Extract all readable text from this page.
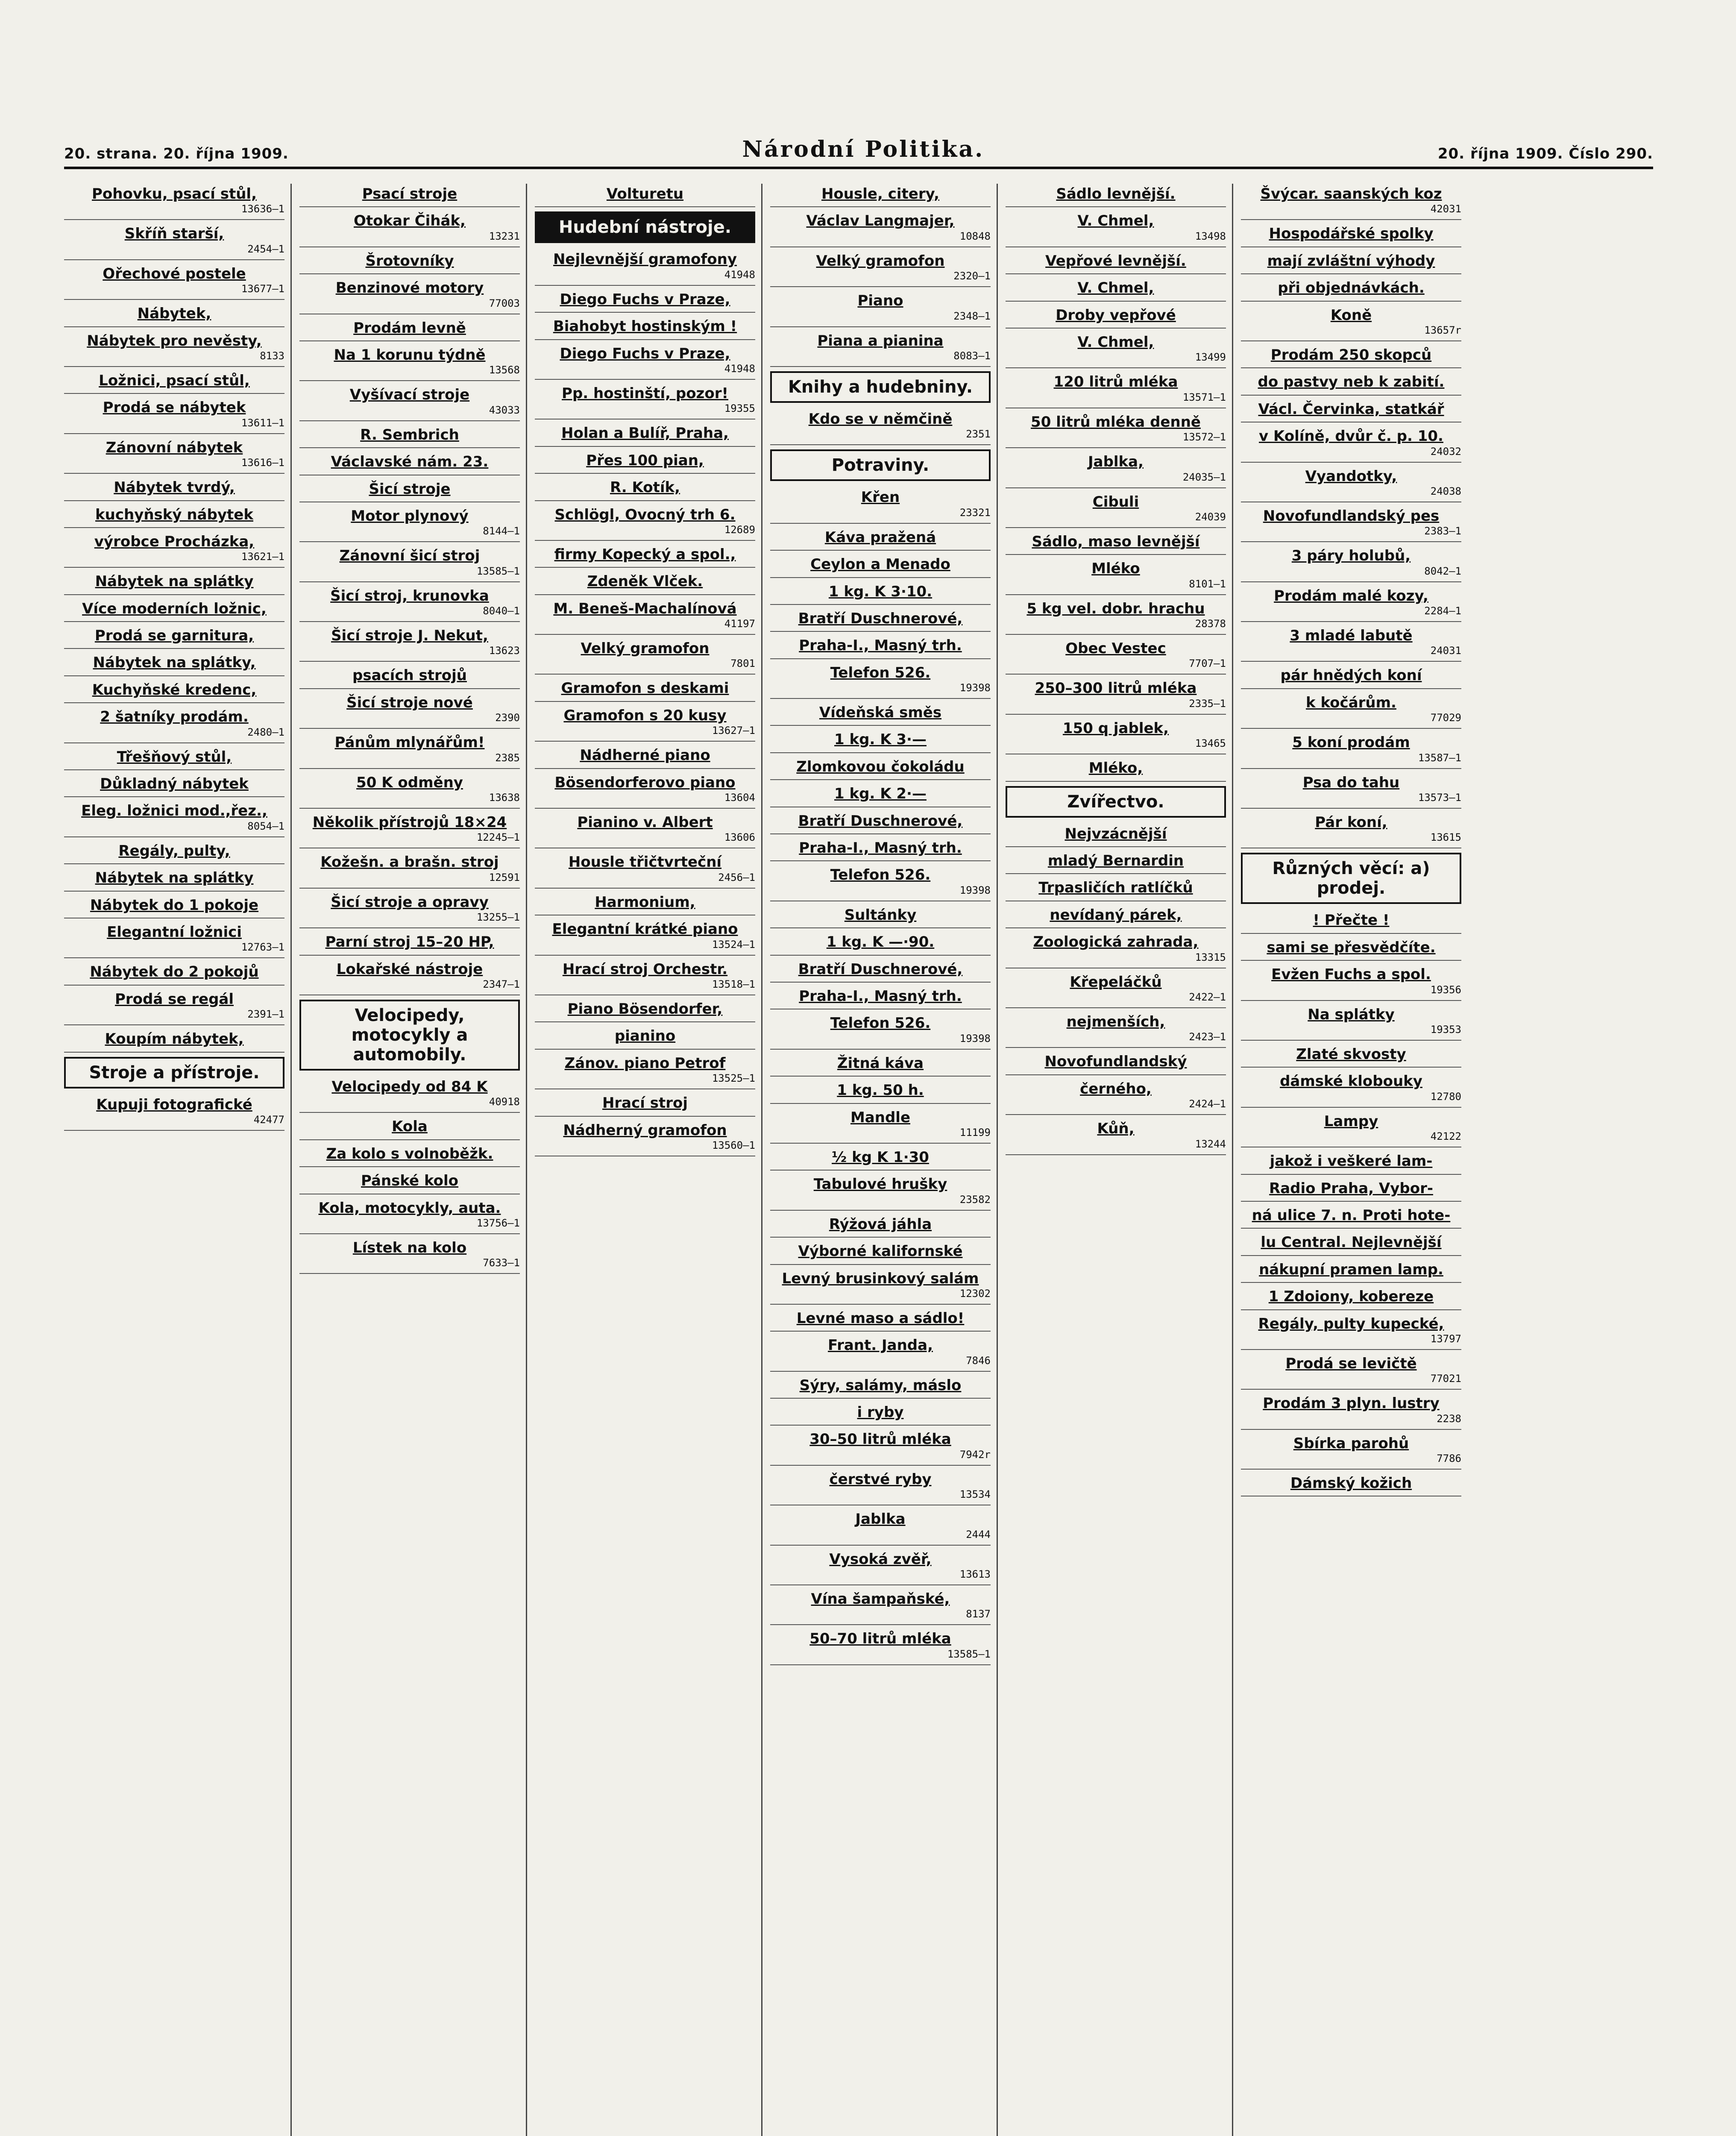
20. strana. 20. října 1909.	Národní Politika.	20. října 1909. Číslo 290.
Pohovku, psací stůl,
13636—1
Skříň starší,
2454—1
Ořechové postele
13677—1
Nábytek,
Nábytek pro nevěsty,
8133
Ložnici, psací stůl,
Prodá se nábytek
13611—1
Zánovní nábytek
13616—1
Nábytek tvrdý,
kuchyňský nábytek
výrobce Procházka,
13621—1
Nábytek na splátky
Více moderních ložnic,
Prodá se garnitura,
Nábytek na splátky,
Kuchyňské kredenc,
2 šatníky prodám.
2480—1
Třešňový stůl,
Důkladný nábytek
Eleg. ložnici mod.,řez.,
8054—1
Regály, pulty,
Nábytek na splátky
Nábytek do 1 pokoje
Elegantní ložnici
12763—1
Nábytek do 2 pokojů
Prodá se regál
2391—1
Koupím nábytek,
Stroje a přístroje.
Kupuji fotografické
42477
Psací stroje
Otokar Čihák,
13231
Šrotovníky
Benzinové motory
77003
Prodám levně
Na 1 korunu týdně
13568
Vyšívací stroje
43033
R. Sembrich
Václavské nám. 23.
Šicí stroje
Motor plynový
8144—1
Zánovní šicí stroj
13585—1
Šicí stroj, krunovka
8040—1
Šicí stroje J. Nekut,
13623
psacích strojů
Šicí stroje nové
2390
Pánům mlynářům!
2385
50 K odměny
13638
Několik přístrojů 18×24
12245—1
Kožešn. a brašn. stroj
12591
Šicí stroje a opravy
13255—1
Parní stroj 15–20 HP,
Lokařské nástroje
2347—1
Velocipedy, motocykly a automobily.
Velocipedy od 84 K
40918
Kola
Za kolo s volnoběžk.
Pánské kolo
Kola, motocykly, auta.
13756—1
Lístek na kolo
7633—1
Volturetu
Hudební nástroje.
Nejlevnější gramofony
41948
Diego Fuchs v Praze,
Biahobyt hostinským !
Diego Fuchs v Praze,
41948
Pp. hostinští, pozor!
19355
Holan a Bulíř, Praha,
Přes 100 pian,
R. Kotík,
Schlögl, Ovocný trh 6.
12689
firmy Kopecký a spol.,
Zdeněk Vlček.
M. Beneš-Machalínová
41197
Velký gramofon
7801
Gramofon s deskami
Gramofon s 20 kusy
13627—1
Nádherné piano
Bösendorferovo piano
13604
Pianino v. Albert
13606
Housle třičtvrteční
2456—1
Harmonium,
Elegantní krátké piano
13524—1
Hrací stroj Orchestr.
13518—1
Piano Bösendorfer,
pianino
Zánov. piano Petrof
13525—1
Hrací stroj
Nádherný gramofon
13560—1
Housle, citery,
Václav Langmajer,
10848
Velký gramofon
2320—1
Piano
2348—1
Piana a pianina
8083—1
Knihy a hudebniny.
Kdo se v němčině
2351
Potraviny.
Křen
23321
Káva pražená
Ceylon a Menado
1 kg. K 3·10.
Bratří Duschnerové,
Praha-I., Masný trh.
Telefon 526.
19398
Vídeňská směs
1 kg. K 3·—
Zlomkovou čokoládu
1 kg. K 2·—
Bratří Duschnerové,
Praha-I., Masný trh.
Telefon 526.
19398
Sultánky
1 kg. K —·90.
Bratří Duschnerové,
Praha-I., Masný trh.
Telefon 526.
19398
Žitná káva
1 kg. 50 h.
Mandle
11199
½ kg K 1·30
Tabulové hrušky
23582
Rýžová jáhla
Výborné kalifornské
Levný brusinkový salám
12302
Levné maso a sádlo!
Frant. Janda,
7846
Sýry, salámy, máslo
i ryby
30–50 litrů mléka
7942r
čerstvé ryby
13534
Jablka
2444
Vysoká zvěř,
13613
Vína šampaňské,
8137
50–70 litrů mléka
13585—1
Sádlo levnější.
V. Chmel,
13498
Vepřové levnější.
V. Chmel,
Droby vepřové
V. Chmel,
13499
120 litrů mléka
13571—1
50 litrů mléka denně
13572—1
Jablka,
24035—1
Cibuli
24039
Sádlo, maso levnější
Mléko
8101—1
5 kg vel. dobr. hrachu
28378
Obec Vestec
7707—1
250–300 litrů mléka
2335—1
150 q jablek,
13465
Mléko,
Zvířectvo.
Nejvzácnější
mladý Bernardin
Trpasličích ratlíčků
nevídaný párek,
Zoologická zahrada,
13315
Křepeláčků
2422—1
nejmenších,
2423—1
Novofundlandský
černého,
2424—1
Kůň,
13244
Švýcar. saanských koz
42031
Hospodářské spolky
mají zvláštní výhody
při objednávkách.
Koně
13657r
Prodám 250 skopců
do pastvy neb k zabití.
Václ. Červinka, statkář
v Kolíně, dvůr č. p. 10.
24032
Vyandotky,
24038
Novofundlandský pes
2383—1
3 páry holubů,
8042—1
Prodám malé kozy,
2284—1
3 mladé labutě
24031
pár hnědých koní
k kočárům.
77029
5 koní prodám
13587—1
Psa do tahu
13573—1
Pár koní,
13615
Různých věcí: a) prodej.
! Přečte !
sami se přesvědčíte.
Evžen Fuchs a spol.
19356
Na splátky
19353
Zlaté skvosty
dámské klobouky
12780
Lampy
42122
jakož i veškeré lam-
Radio Praha, Vybor-
ná ulice 7. n. Proti hote-
lu Central. Nejlevnější
nákupní pramen lamp.
1 Zdoiony, kobereze
Regály, pulty kupecké,
13797
Prodá se levičtě
77021
Prodám 3 plyn. lustry
2238
Sbírka parohů
7786
Dámský kožich
